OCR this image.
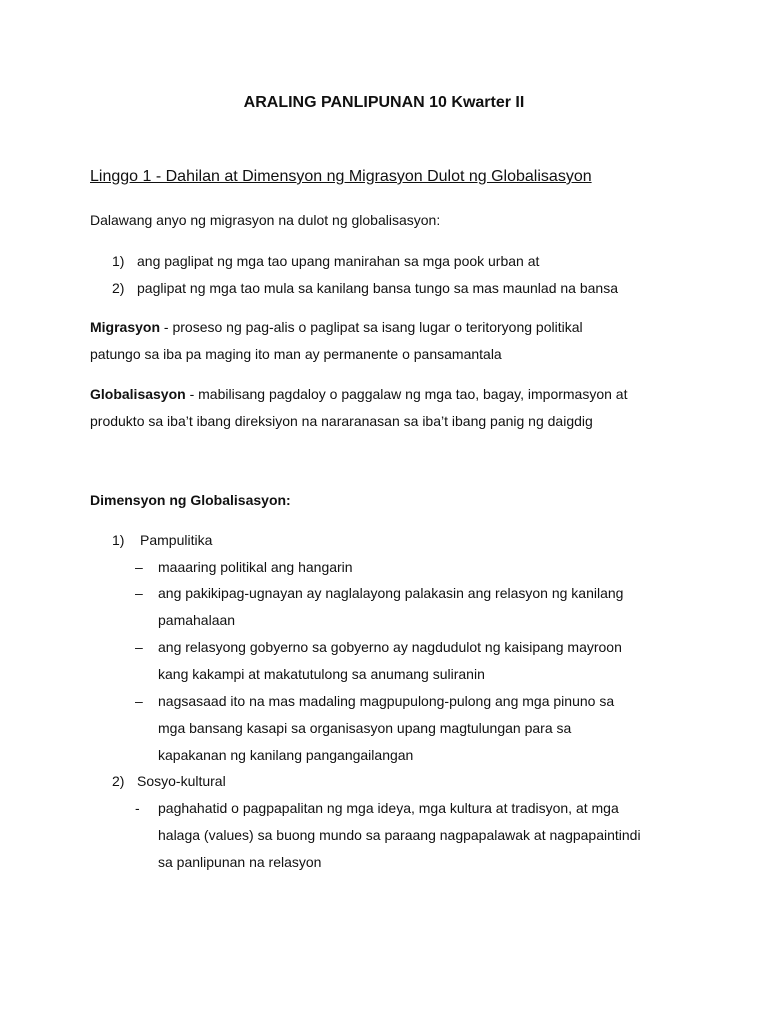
ARALING PANLIPUNAN 10 Kwarter II
Linggo 1 - Dahilan at Dimensyon ng Migrasyon Dulot ng Globalisasyon
Dalawang anyo ng migrasyon na dulot ng globalisasyon:
1) ang paglipat ng mga tao upang manirahan sa mga pook urban at
2) paglipat ng mga tao mula sa kanilang bansa tungo sa mas maunlad na bansa
Migrasyon - proseso ng pag-alis o paglipat sa isang lugar o teritoryong politikal
patungo sa iba pa maging ito man ay permanente o pansamantala
Globalisasyon - mabilisang pagdaloy o paggalaw ng mga tao, bagay, impormasyon at
produkto sa iba’t ibang direksiyon na nararanasan sa iba’t ibang panig ng daigdig
Dimensyon ng Globalisasyon:
1)	Pampulitika
–	maaaring politikal ang hangarin
–	ang pakikipag-ugnayan ay naglalayong palakasin ang relasyon ng kanilang
pamahalaan
–	ang relasyong gobyerno sa gobyerno ay nagdudulot ng kaisipang mayroon
kang kakampi at makatutulong sa anumang suliranin
–	nagsasaad ito na mas madaling magpupulong-pulong ang mga pinuno sa
mga bansang kasapi sa organisasyon upang magtulungan para sa
kapakanan ng kanilang pangangailangan
2) Sosyo-kultural
-	paghahatid o pagpapalitan ng mga ideya, mga kultura at tradisyon, at mga
halaga (values) sa buong mundo sa paraang nagpapalawak at nagpapaintindi
sa panlipunan na relasyon
